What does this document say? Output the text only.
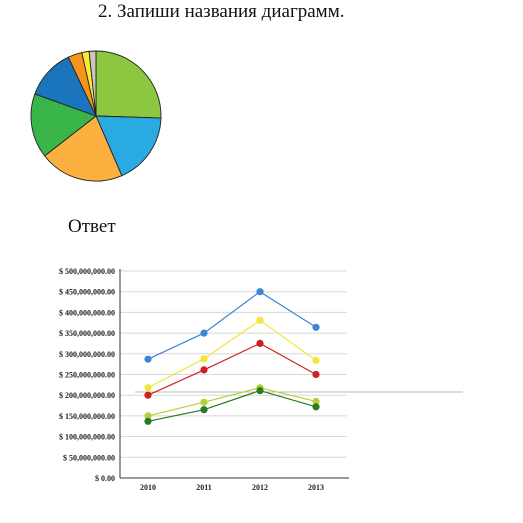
2. Запиши названия диаграмм.
Ответ
$ 500,000,000.00
$ 450,000,000.00
$ 400,000,000.00
$ 350,000,000.00
$ 300,000,000.00
$ 250,000,000.00
$ 200,000,000.00
$ 150,000,000.00
$ 100,000,000.00
$ 50,000,000.00
$ 0.00
2010	2011	2012	2013
